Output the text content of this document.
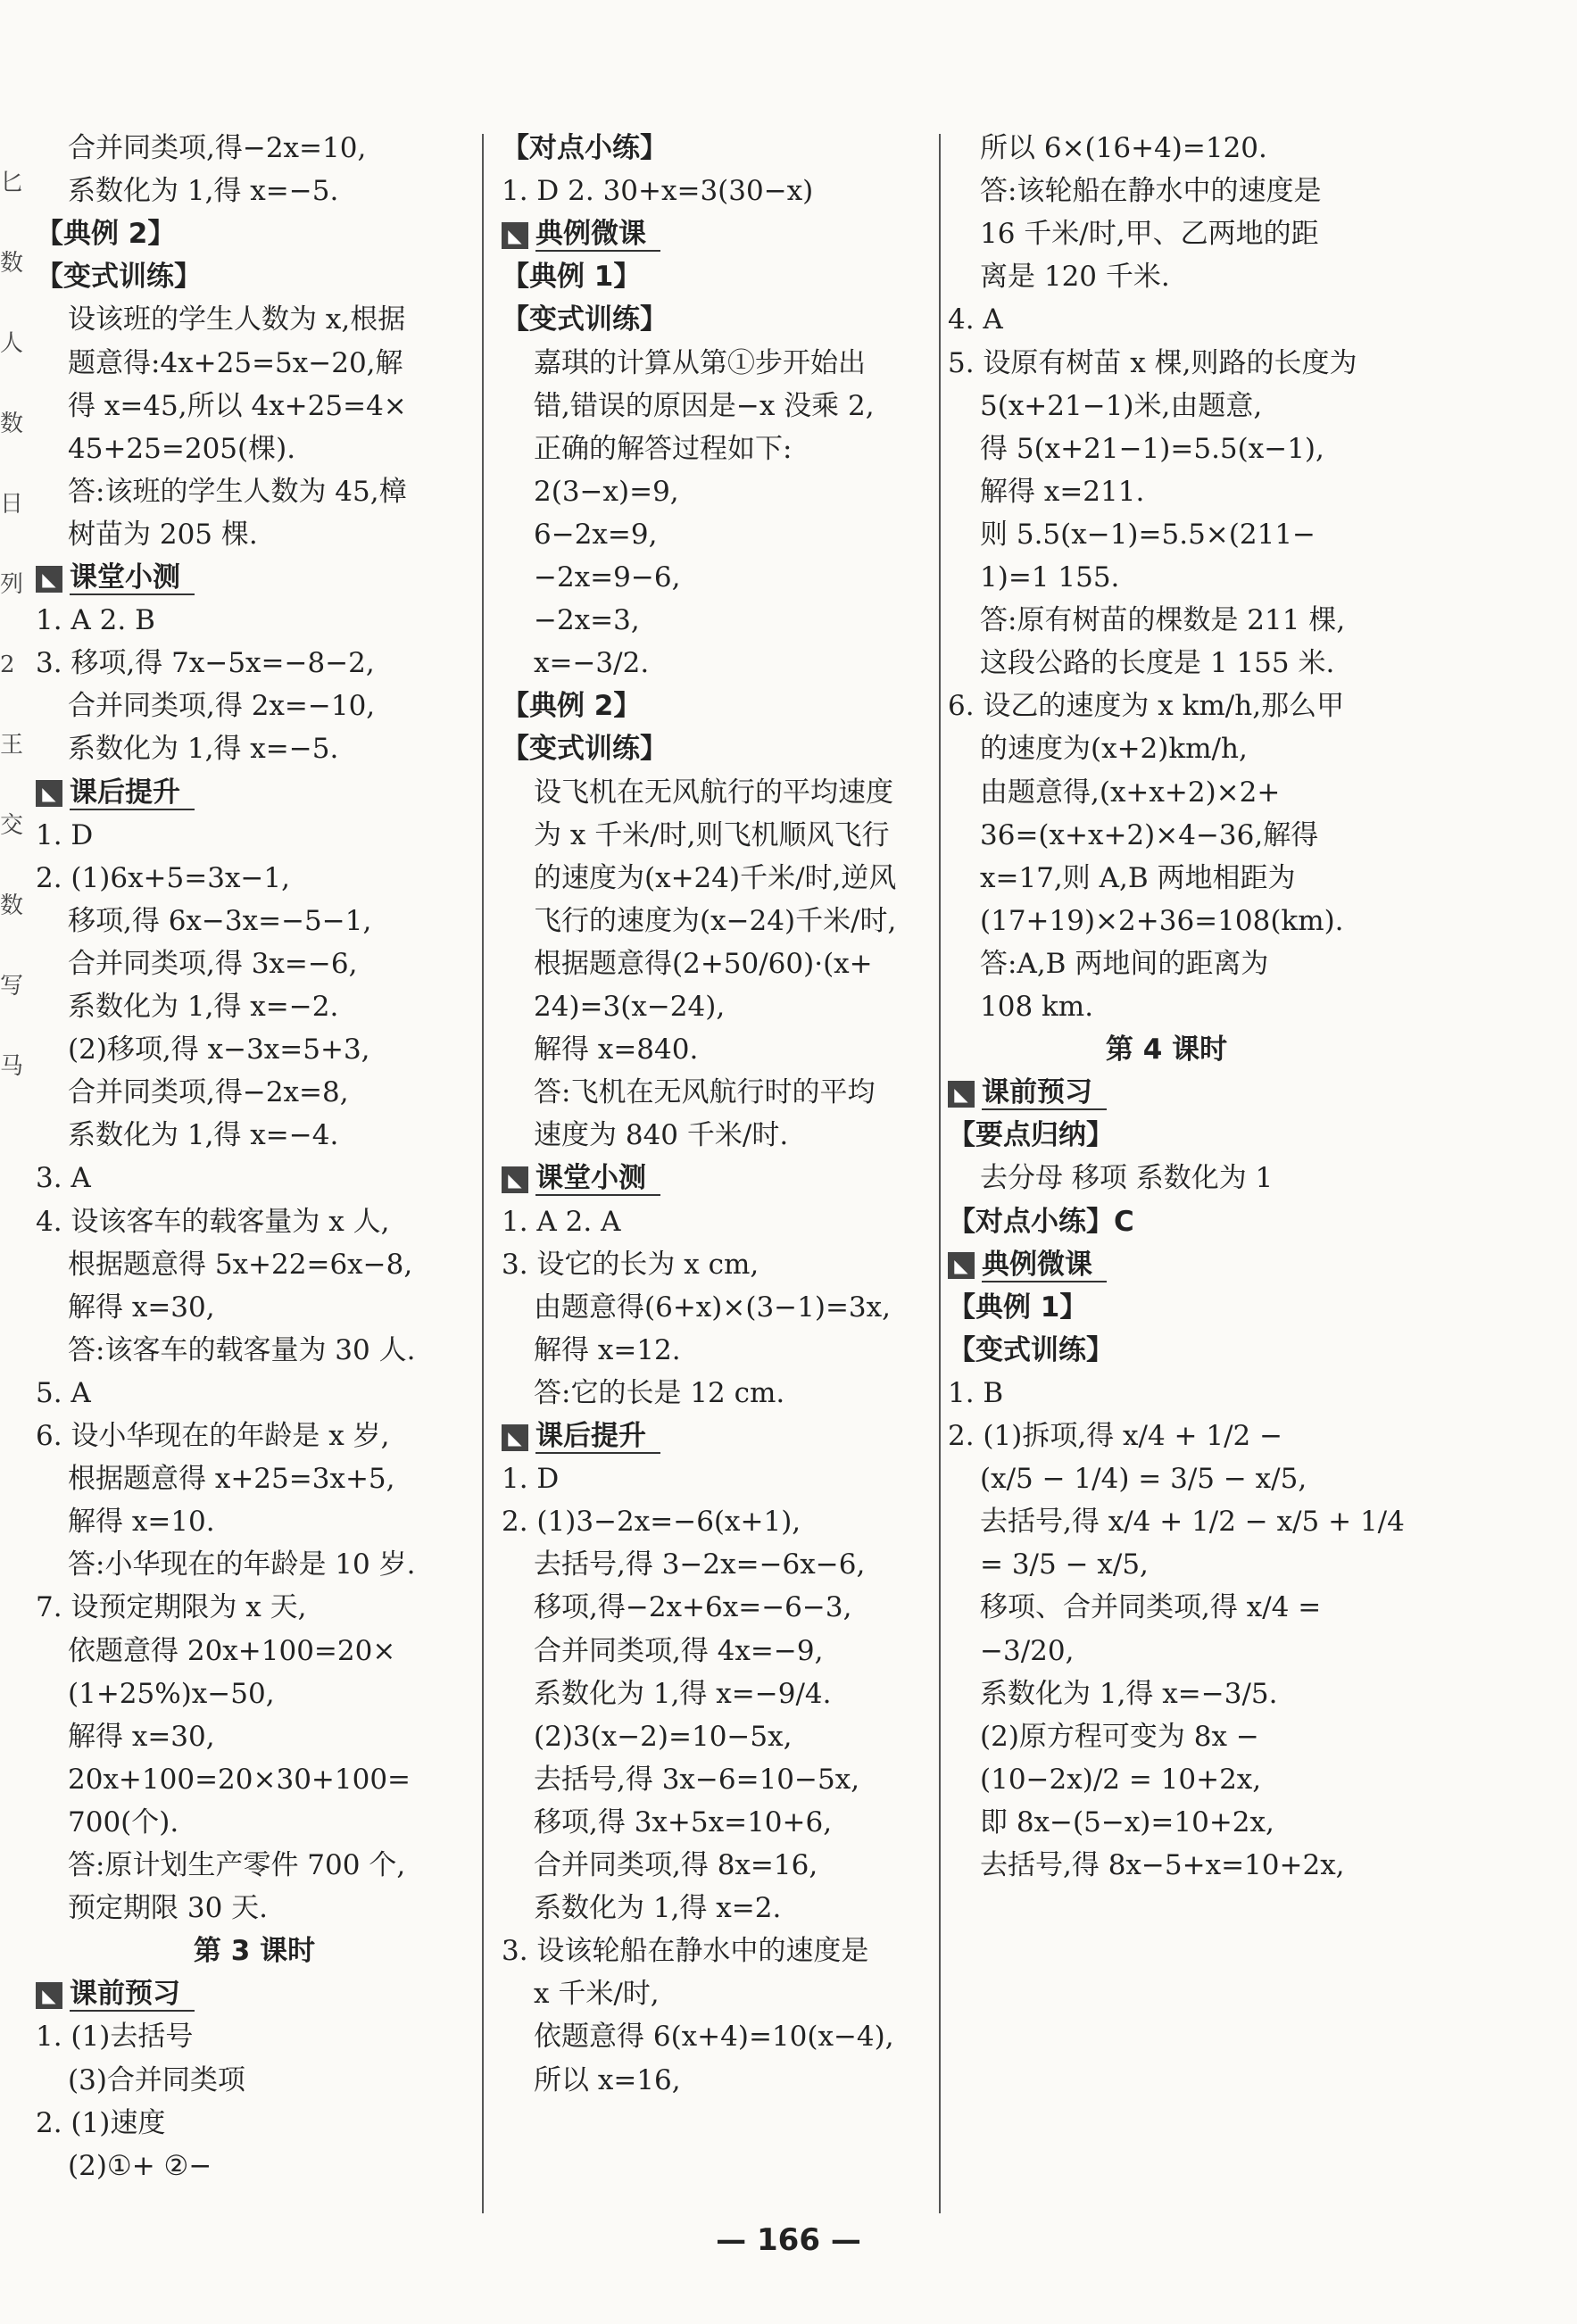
匕
数
人
数
日
列
2
王
交
数
写
马
合并同类项,得−2x=10,
系数化为 1,得 x=−5.
【典例 2】
【变式训练】
设该班的学生人数为 x,根据
题意得:4x+25=5x−20,解
得 x=45,所以 4x+25=4×
45+25=205(棵).
答:该班的学生人数为 45,樟
树苗为 205 棵.
◣ 课堂小测
1. A 2. B
3. 移项,得 7x−5x=−8−2,
合并同类项,得 2x=−10,
系数化为 1,得 x=−5.
◣ 课后提升
1. D
2. (1)6x+5=3x−1,
移项,得 6x−3x=−5−1,
合并同类项,得 3x=−6,
系数化为 1,得 x=−2.
(2)移项,得 x−3x=5+3,
合并同类项,得−2x=8,
系数化为 1,得 x=−4.
3. A
4. 设该客车的载客量为 x 人,
根据题意得 5x+22=6x−8,
解得 x=30,
答:该客车的载客量为 30 人.
5. A
6. 设小华现在的年龄是 x 岁,
根据题意得 x+25=3x+5,
解得 x=10.
答:小华现在的年龄是 10 岁.
7. 设预定期限为 x 天,
依题意得 20x+100=20×
(1+25%)x−50,
解得 x=30,
20x+100=20×30+100=
700(个).
答:原计划生产零件 700 个,
预定期限 30 天.
第 3 课时
◣ 课前预习
1. (1)去括号
(3)合并同类项
2. (1)速度
(2)①+ ②−
【对点小练】
1. D 2. 30+x=3(30−x)
◣ 典例微课
【典例 1】
【变式训练】
嘉琪的计算从第①步开始出
错,错误的原因是−x 没乘 2,
正确的解答过程如下:
2(3−x)=9,
6−2x=9,
−2x=9−6,
−2x=3,
x=−3/2.
【典例 2】
【变式训练】
设飞机在无风航行的平均速度
为 x 千米/时,则飞机顺风飞行
的速度为(x+24)千米/时,逆风
飞行的速度为(x−24)千米/时,
根据题意得(2+50/60)·(x+
24)=3(x−24),
解得 x=840.
答:飞机在无风航行时的平均
速度为 840 千米/时.
◣ 课堂小测
1. A 2. A
3. 设它的长为 x cm,
由题意得(6+x)×(3−1)=3x,
解得 x=12.
答:它的长是 12 cm.
◣ 课后提升
1. D
2. (1)3−2x=−6(x+1),
去括号,得 3−2x=−6x−6,
移项,得−2x+6x=−6−3,
合并同类项,得 4x=−9,
系数化为 1,得 x=−9/4.
(2)3(x−2)=10−5x,
去括号,得 3x−6=10−5x,
移项,得 3x+5x=10+6,
合并同类项,得 8x=16,
系数化为 1,得 x=2.
3. 设该轮船在静水中的速度是
x 千米/时,
依题意得 6(x+4)=10(x−4),
所以 x=16,
所以 6×(16+4)=120.
答:该轮船在静水中的速度是
16 千米/时,甲、乙两地的距
离是 120 千米.
4. A
5. 设原有树苗 x 棵,则路的长度为
5(x+21−1)米,由题意,
得 5(x+21−1)=5.5(x−1),
解得 x=211.
则 5.5(x−1)=5.5×(211−
1)=1 155.
答:原有树苗的棵数是 211 棵,
这段公路的长度是 1 155 米.
6. 设乙的速度为 x km/h,那么甲
的速度为(x+2)km/h,
由题意得,(x+x+2)×2+
36=(x+x+2)×4−36,解得
x=17,则 A,B 两地相距为
(17+19)×2+36=108(km).
答:A,B 两地间的距离为
108 km.
第 4 课时
◣ 课前预习
【要点归纳】
去分母 移项 系数化为 1
【对点小练】C
◣ 典例微课
【典例 1】
【变式训练】
1. B
2. (1)拆项,得 x/4 + 1/2 −
(x/5 − 1/4) = 3/5 − x/5,
去括号,得 x/4 + 1/2 − x/5 + 1/4
= 3/5 − x/5,
移项、合并同类项,得 x/4 =
−3/20,
系数化为 1,得 x=−3/5.
(2)原方程可变为 8x −
(10−2x)/2 = 10+2x,
即 8x−(5−x)=10+2x,
去括号,得 8x−5+x=10+2x,
— 166 —
